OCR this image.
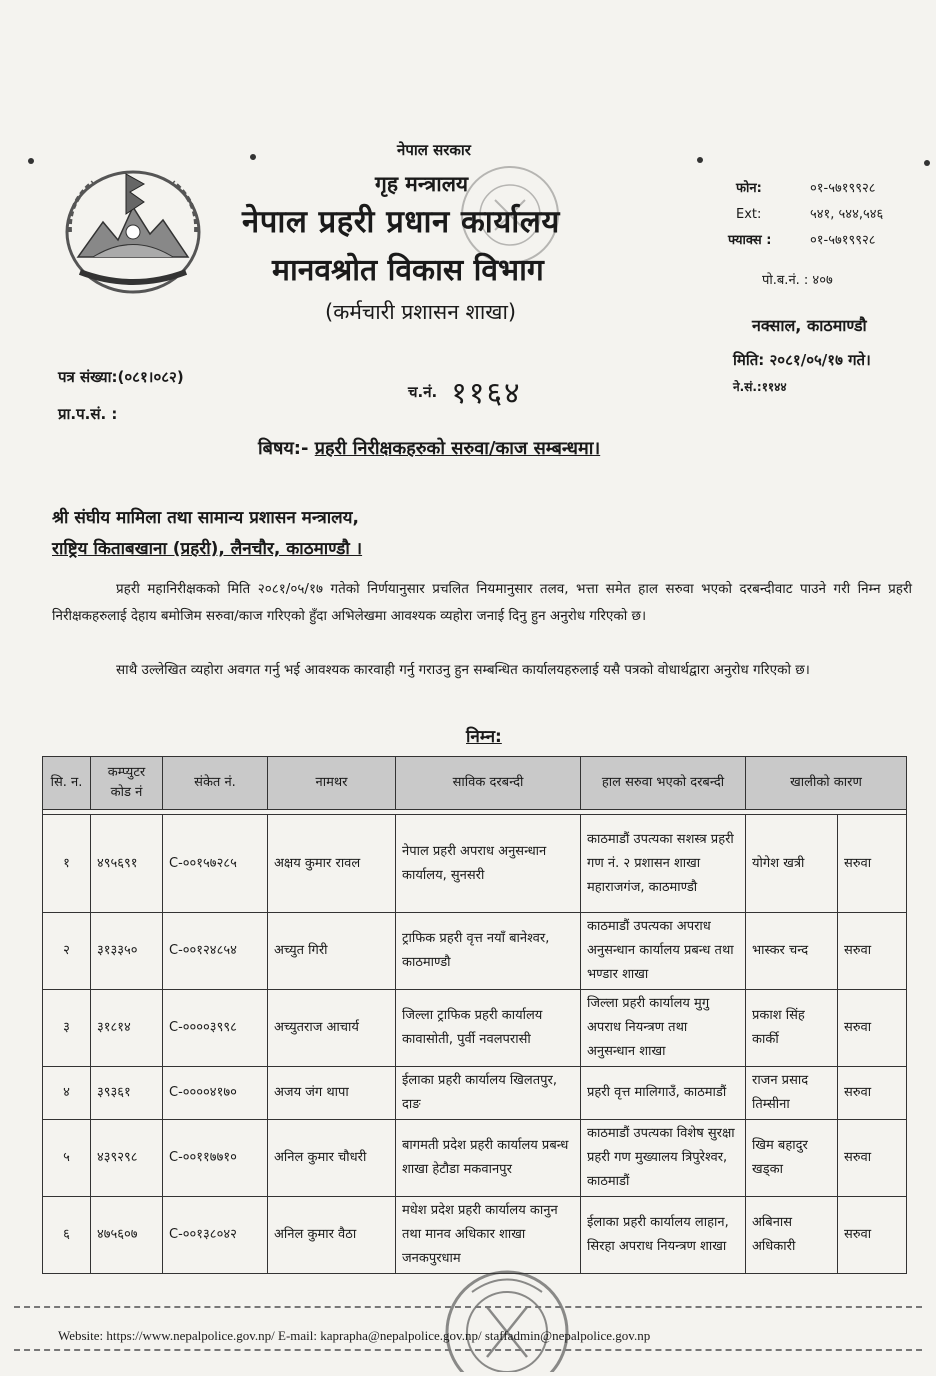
नेपाल सरकार
गृह मन्त्रालय
नेपाल प्रहरी प्रधान कार्यालय
मानवश्रोत विकास विभाग
(कर्मचारी प्रशासन शाखा)
फोन:	०१-५७१९९२८
Ext:	५४१, ५४४,५४६
फ्याक्स :	०१-५७१९९२८
पो.ब.नं. : ४०७
नक्साल, काठमाण्डौ
मिति: २०८१/०५/१७ गते।
ने.सं.:११४४
पत्र संख्या:(०८१।०८२)
च.नं. ११६४
प्रा.प.सं. :
बिषय:- प्रहरी निरीक्षकहरुको सरुवा/काज सम्बन्धमा।
श्री संघीय मामिला तथा सामान्य प्रशासन मन्त्रालय,
राष्ट्रिय किताबखाना (प्रहरी), लैनचौर, काठमाण्डौ ।
प्रहरी महानिरीक्षकको मिति २०८१/०५/१७ गतेको निर्णयानुसार प्रचलित नियमानुसार तलव, भत्ता समेत हाल सरुवा भएको दरबन्दीवाट पाउने गरी निम्न प्रहरी निरीक्षकहरुलाई देहाय बमोजिम सरुवा/काज गरिएको हुँदा अभिलेखमा आवश्यक व्यहोरा जनाई दिनु हुन अनुरोध गरिएको छ।
साथै उल्लेखित व्यहोरा अवगत गर्नु भई आवश्यक कारवाही गर्नु गराउनु हुन सम्बन्धित कार्यालयहरुलाई यसै पत्रको वोधार्थद्वारा अनुरोध गरिएको छ।
निम्न:
सि. न.	कम्प्युटर कोड नं	संकेत नं.	नामथर	साविक दरबन्दी	हाल सरुवा भएको दरबन्दी	खालीको कारण	

१	४९५६९१	C-००१५७२८५	अक्षय कुमार रावल	नेपाल प्रहरी अपराध अनुसन्धान कार्यालय, सुनसरी	काठमाडौं उपत्यका सशस्त्र प्रहरी गण नं. २ प्रशासन शाखा महाराजगंज, काठमाण्डौ	योगेश खत्री	सरुवा
२	३१३३५०	C-००१२४८५४	अच्युत गिरी	ट्राफिक प्रहरी वृत्त नयाँ बानेश्वर, काठमाण्डौ	काठमाडौं उपत्यका अपराध अनुसन्धान कार्यालय प्रबन्ध तथा भण्डार शाखा	भास्कर चन्द	सरुवा
३	३१८१४	C-००००३९९८	अच्युतराज आचार्य	जिल्ला ट्राफिक प्रहरी कार्यालय कावासोती, पुर्वी नवलपरासी	जिल्ला प्रहरी कार्यालय मुगु अपराध नियन्त्रण तथा अनुसन्धान शाखा	प्रकाश सिंह कार्की	सरुवा
४	३९३६१	C-००००४१७०	अजय जंग थापा	ईलाका प्रहरी कार्यालय खिलतपुर, दाङ	प्रहरी वृत्त मालिगाउँ, काठमाडौं	राजन प्रसाद तिम्सीना	सरुवा
५	४३९२९८	C-००११७७१०	अनिल कुमार चौधरी	बागमती प्रदेश प्रहरी कार्यालय प्रबन्ध शाखा हेटौडा मकवानपुर	काठमाडौं उपत्यका विशेष सुरक्षा प्रहरी गण मुख्यालय त्रिपुरेश्वर, काठमाडौं	खिम बहादुर खड्का	सरुवा
६	४७५६०७	C-००१३८०४२	अनिल कुमार वैठा	मधेश प्रदेश प्रहरी कार्यालय कानुन तथा मानव अधिकार शाखा जनकपुरधाम	ईलाका प्रहरी कार्यालय लाहान, सिरहा अपराध नियन्त्रण शाखा	अबिनास अधिकारी	सरुवा
Website: https://www.nepalpolice.gov.np/ E-mail: kaprapha@nepalpolice.gov.np/ staffadmin@nepalpolice.gov.np
